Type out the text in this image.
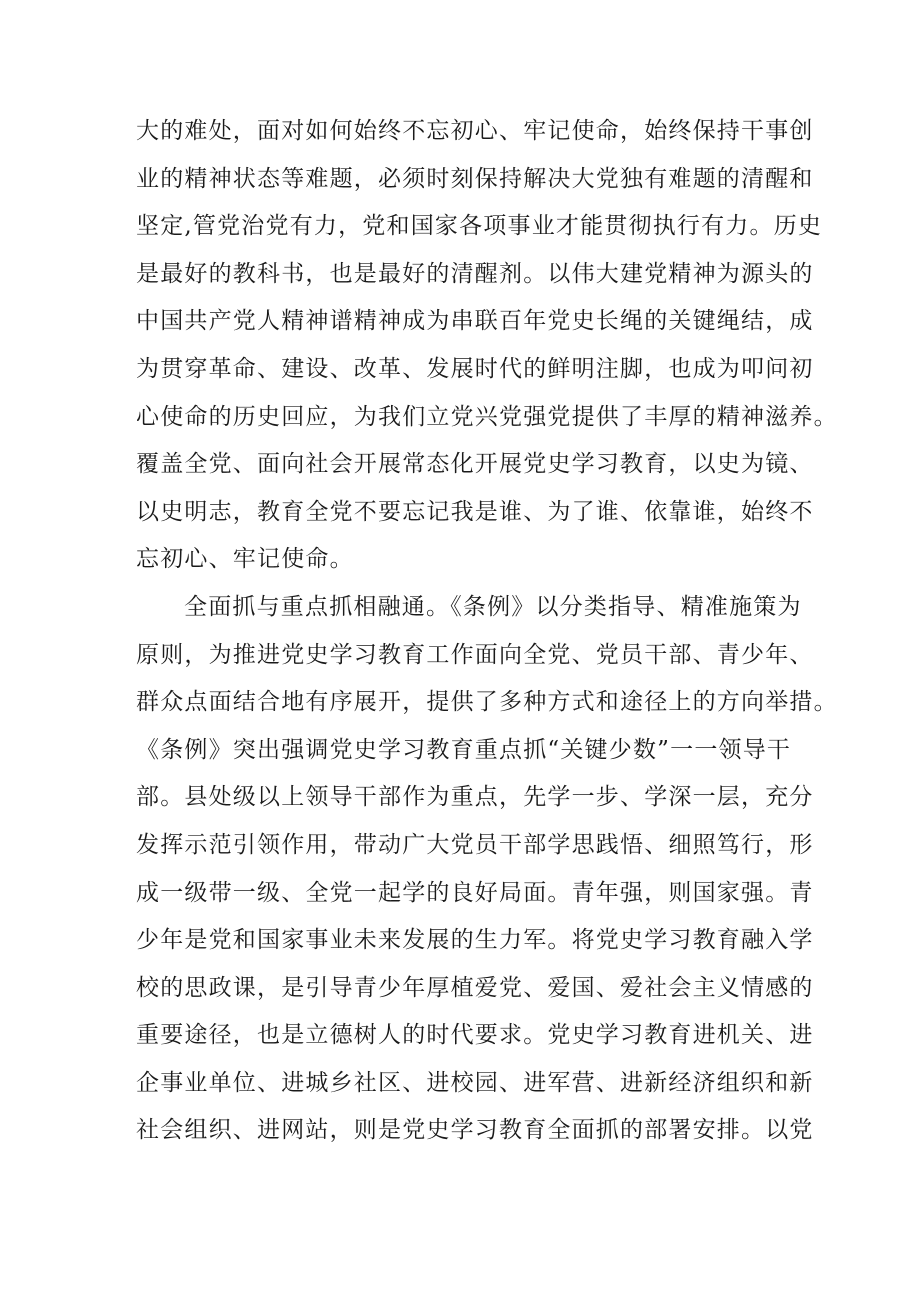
大的难处，面对如何始终不忘初心、牢记使命，始终保持干事创
业的精神状态等难题，必须时刻保持解决大党独有难题的清醒和
坚定,管党治党有力，党和国家各项事业才能贯彻执行有力。历史
是最好的教科书，也是最好的清醒剂。以伟大建党精神为源头的
中国共产党人精神谱精神成为串联百年党史长绳的关键绳结，成
为贯穿革命、建设、改革、发展时代的鲜明注脚，也成为叩问初
心使命的历史回应，为我们立党兴党强党提供了丰厚的精神滋养。
覆盖全党、面向社会开展常态化开展党史学习教育，以史为镜、
以史明志，教育全党不要忘记我是谁、为了谁、依靠谁，始终不
忘初心、牢记使命。
全面抓与重点抓相融通。《条例》以分类指导、精准施策为
原则，为推进党史学习教育工作面向全党、党员干部、青少年、
群众点面结合地有序展开，提供了多种方式和途径上的方向举措。
《条例》突出强调党史学习教育重点抓“关键少数”一一领导干
部。县处级以上领导干部作为重点，先学一步、学深一层，充分
发挥示范引领作用，带动广大党员干部学思践悟、细照笃行，形
成一级带一级、全党一起学的良好局面。青年强，则国家强。青
少年是党和国家事业未来发展的生力军。将党史学习教育融入学
校的思政课，是引导青少年厚植爱党、爱国、爱社会主义情感的
重要途径，也是立德树人的时代要求。党史学习教育进机关、进
企事业单位、进城乡社区、进校园、进军营、进新经济组织和新
社会组织、进网站，则是党史学习教育全面抓的部署安排。以党
